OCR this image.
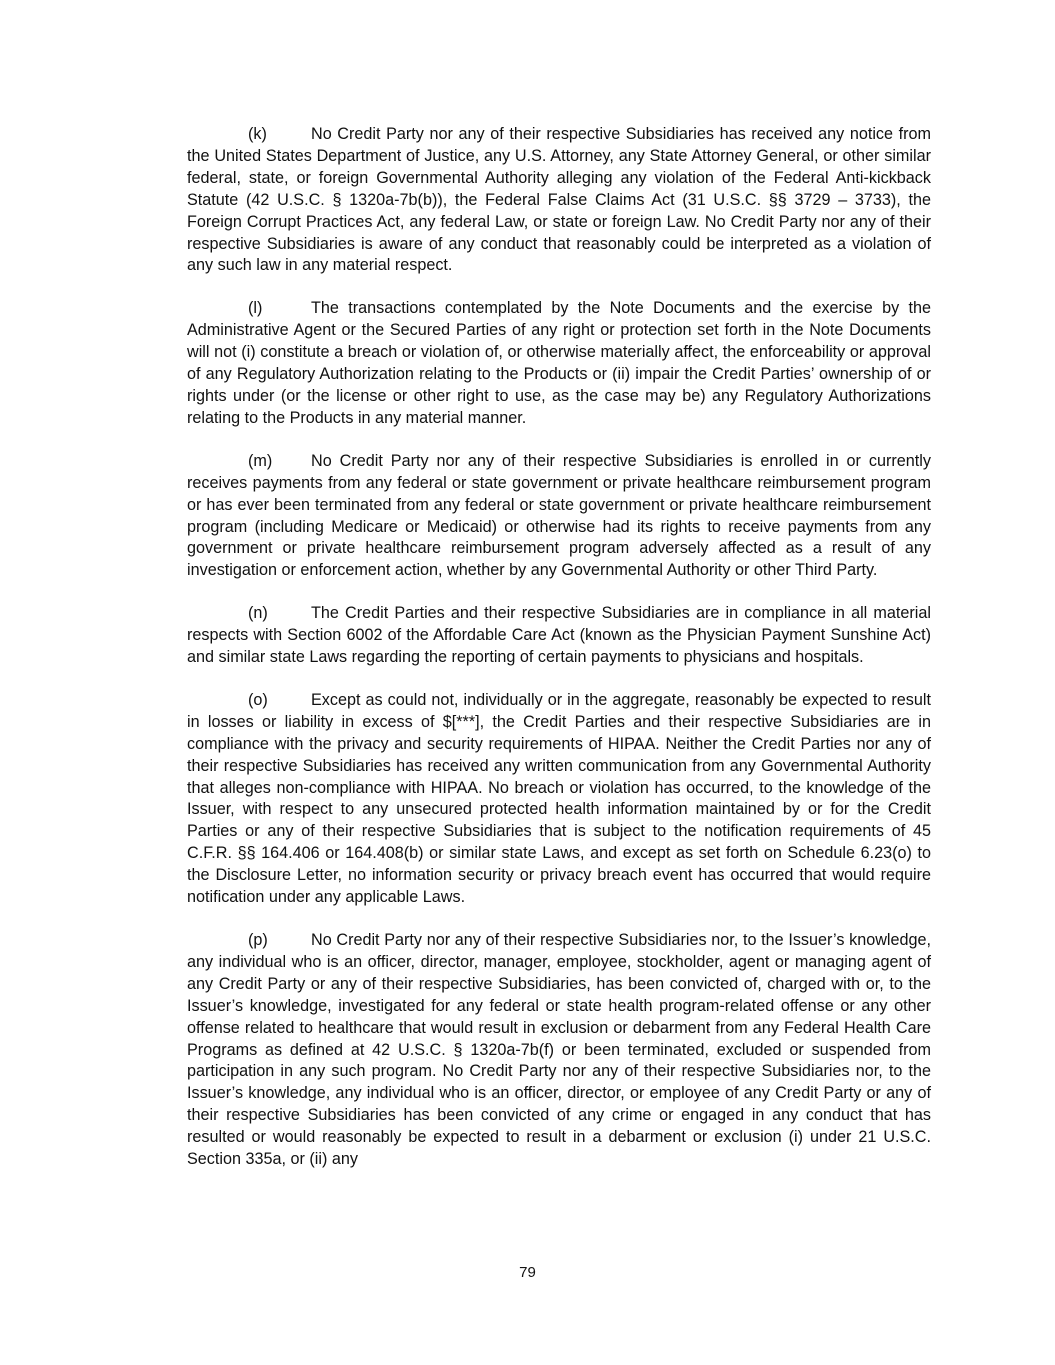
(k)	No Credit Party nor any of their respective Subsidiaries has received any notice from the United States Department of Justice, any U.S. Attorney, any State Attorney General, or other similar federal, state, or foreign Governmental Authority alleging any violation of the Federal Anti-kickback Statute (42 U.S.C. § 1320a-7b(b)), the Federal False Claims Act (31 U.S.C. §§ 3729 – 3733), the Foreign Corrupt Practices Act, any federal Law, or state or foreign Law. No Credit Party nor any of their respective Subsidiaries is aware of any conduct that reasonably could be interpreted as a violation of any such law in any material respect.

(l)	The transactions contemplated by the Note Documents and the exercise by the Administrative Agent or the Secured Parties of any right or protection set forth in the Note Documents will not (i) constitute a breach or violation of, or otherwise materially affect, the enforceability or approval of any Regulatory Authorization relating to the Products or (ii) impair the Credit Parties’ ownership of or rights under (or the license or other right to use, as the case may be) any Regulatory Authorizations relating to the Products in any material manner.

(m) No Credit Party nor any of their respective Subsidiaries is enrolled in or currently receives payments from any federal or state government or private healthcare reimbursement program or has ever been terminated from any federal or state government or private healthcare reimbursement program (including Medicare or Medicaid) or otherwise had its rights to receive payments from any government or private healthcare reimbursement program adversely affected as a result of any investigation or enforcement action, whether by any Governmental Authority or other Third Party.

(n)	The Credit Parties and their respective Subsidiaries are in compliance in all material respects with Section 6002 of the Affordable Care Act (known as the Physician Payment Sunshine Act) and similar state Laws regarding the reporting of certain payments to physicians and hospitals.

(o)	Except as could not, individually or in the aggregate, reasonably be expected to result in losses or liability in excess of $[***], the Credit Parties and their respective Subsidiaries are in compliance with the privacy and security requirements of HIPAA. Neither the Credit Parties nor any of their respective Subsidiaries has received any written communication from any Governmental Authority that alleges non-compliance with HIPAA. No breach or violation has occurred, to the knowledge of the Issuer, with respect to any unsecured protected health information maintained by or for the Credit Parties or any of their respective Subsidiaries that is subject to the notification requirements of 45 C.F.R. §§ 164.406 or 164.408(b) or similar state Laws, and except as set forth on Schedule 6.23(o) to the Disclosure Letter, no information security or privacy breach event has occurred that would require notification under any applicable Laws.

(p)	No Credit Party nor any of their respective Subsidiaries nor, to the Issuer’s knowledge, any individual who is an officer, director, manager, employee, stockholder, agent or managing agent of any Credit Party or any of their respective Subsidiaries, has been convicted of, charged with or, to the Issuer’s knowledge, investigated for any federal or state health program-related offense or any other offense related to healthcare that would result in exclusion or debarment from any Federal Health Care Programs as defined at 42 U.S.C. § 1320a-7b(f) or been terminated, excluded or suspended from participation in any such program. No Credit Party nor any of their respective Subsidiaries nor, to the Issuer’s knowledge, any individual who is an officer, director, or employee of any Credit Party or any of their respective Subsidiaries has been convicted of any crime or engaged in any conduct that has resulted or would reasonably be expected to result in a debarment or exclusion (i) under 21 U.S.C. Section 335a, or (ii) any

79
